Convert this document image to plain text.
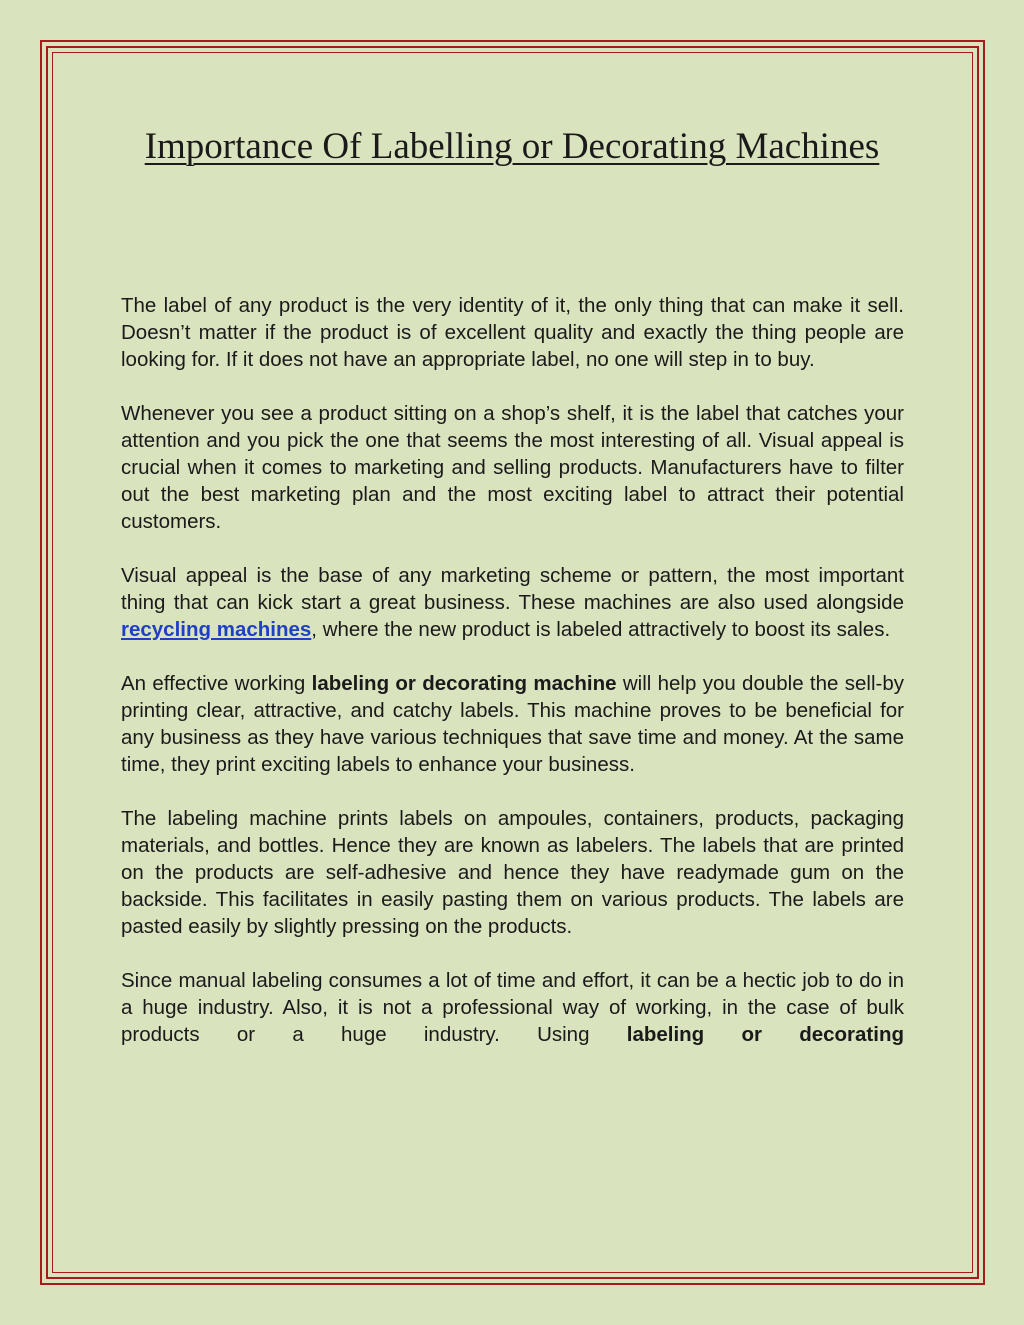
Importance Of Labelling or Decorating Machines

The label of any product is the very identity of it, the only thing that can make it sell. Doesn’t matter if the product is of excellent quality and exactly the thing people are looking for. If it does not have an appropriate label, no one will step in to buy.

Whenever you see a product sitting on a shop’s shelf, it is the label that catches your attention and you pick the one that seems the most interesting of all. Visual appeal is crucial when it comes to marketing and selling products. Manufacturers have to filter out the best marketing plan and the most exciting label to attract their potential customers.

Visual appeal is the base of any marketing scheme or pattern, the most important thing that can kick start a great business. These machines are also used alongside recycling machines, where the new product is labeled attractively to boost its sales.

An effective working labeling or decorating machine will help you double the sell-by printing clear, attractive, and catchy labels. This machine proves to be beneficial for any business as they have various techniques that save time and money. At the same time, they print exciting labels to enhance your business.

The labeling machine prints labels on ampoules, containers, products, packaging materials, and bottles. Hence they are known as labelers. The labels that are printed on the products are self-adhesive and hence they have readymade gum on the backside. This facilitates in easily pasting them on various products. The labels are pasted easily by slightly pressing on the products.

Since manual labeling consumes a lot of time and effort, it can be a hectic job to do in a huge industry. Also, it is not a professional way of working, in the case of bulk products or a huge industry. Using labeling or decorating
